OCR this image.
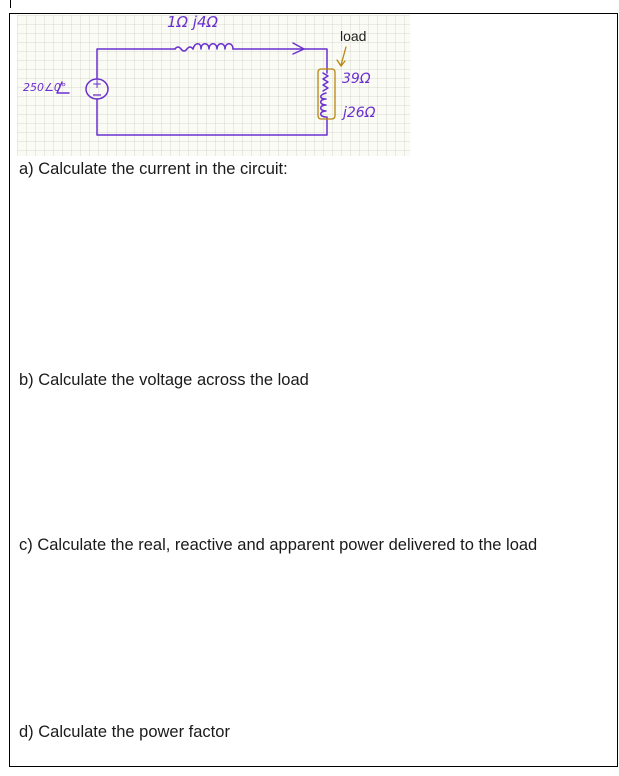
1Ω j4Ω
load
250∠0° +	39Ω
j26Ω
a) Calculate the current in the circuit:
b) Calculate the voltage across the load
c) Calculate the real, reactive and apparent power delivered to the load
d) Calculate the power factor
